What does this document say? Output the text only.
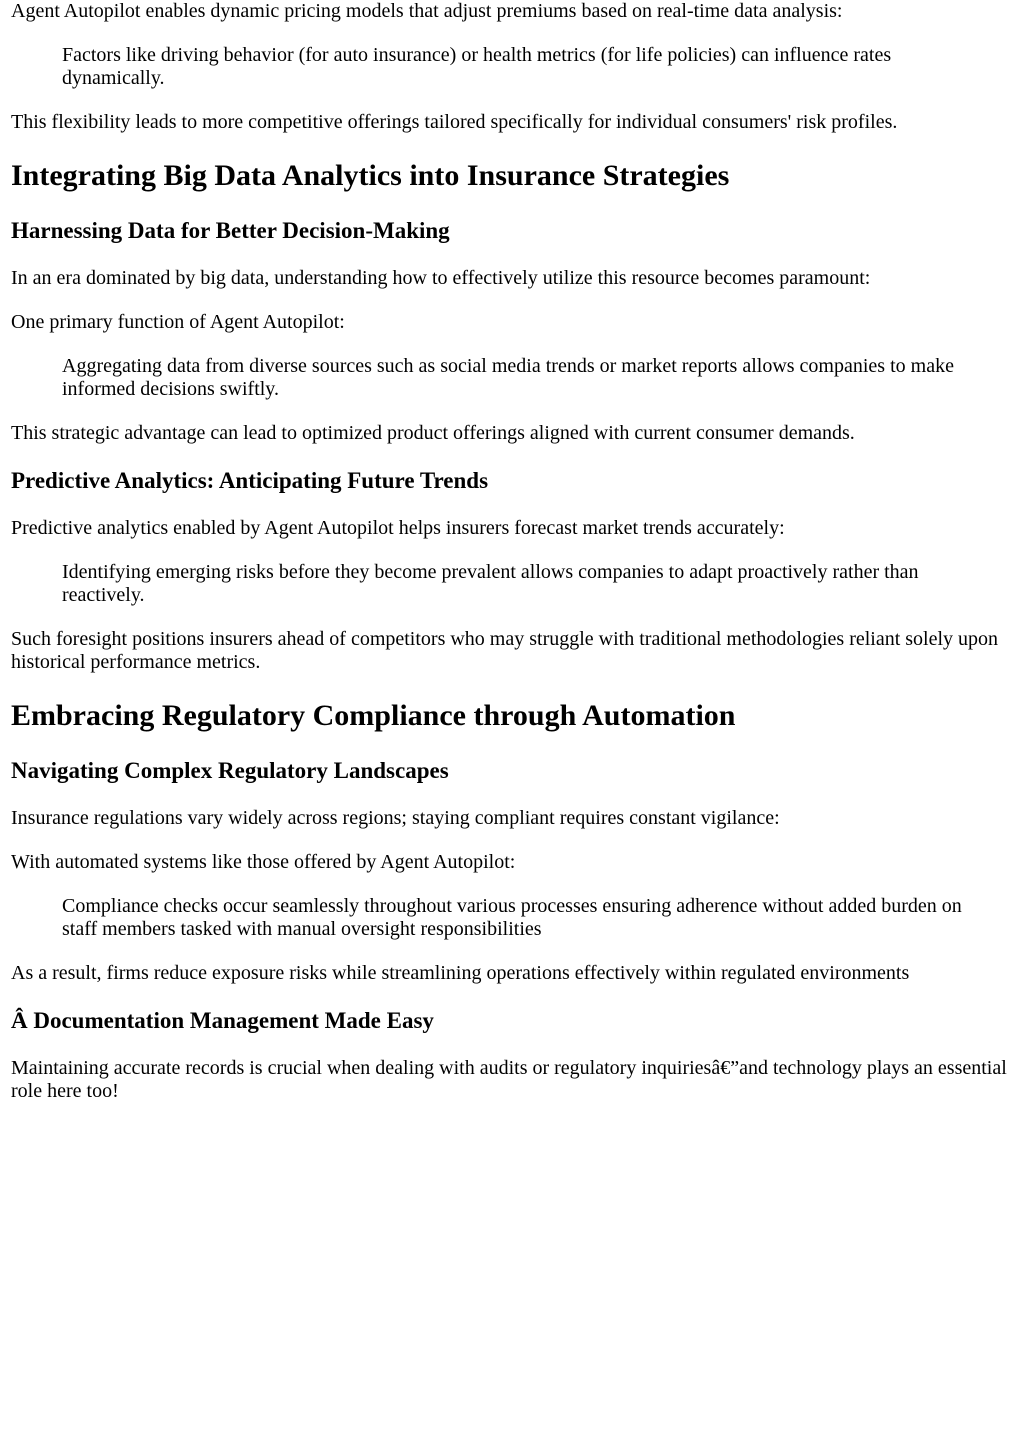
Agent Autopilot enables dynamic pricing models that adjust premiums based on real-time data analysis:

Factors like driving behavior (for auto insurance) or health metrics (for life policies) can influence rates dynamically.

This flexibility leads to more competitive offerings tailored specifically for individual consumers' risk profiles.

Integrating Big Data Analytics into Insurance Strategies
Harnessing Data for Better Decision-Making

In an era dominated by big data, understanding how to effectively utilize this resource becomes paramount:

One primary function of Agent Autopilot:

Aggregating data from diverse sources such as social media trends or market reports allows companies to make informed decisions swiftly.

This strategic advantage can lead to optimized product offerings aligned with current consumer demands.

Predictive Analytics: Anticipating Future Trends

Predictive analytics enabled by Agent Autopilot helps insurers forecast market trends accurately:

Identifying emerging risks before they become prevalent allows companies to adapt proactively rather than reactively.

Such foresight positions insurers ahead of competitors who may struggle with traditional methodologies reliant solely upon historical performance metrics.

Embracing Regulatory Compliance through Automation
Navigating Complex Regulatory Landscapes

Insurance regulations vary widely across regions; staying compliant requires constant vigilance:

With automated systems like those offered by Agent Autopilot:

Compliance checks occur seamlessly throughout various processes ensuring adherence without added burden on staff members tasked with manual oversight responsibilities

As a result, firms reduce exposure risks while streamlining operations effectively within regulated environments

Â Documentation Management Made Easy

Maintaining accurate records is crucial when dealing with audits or regulatory inquiriesâ€”and technology plays an essential role here too!
